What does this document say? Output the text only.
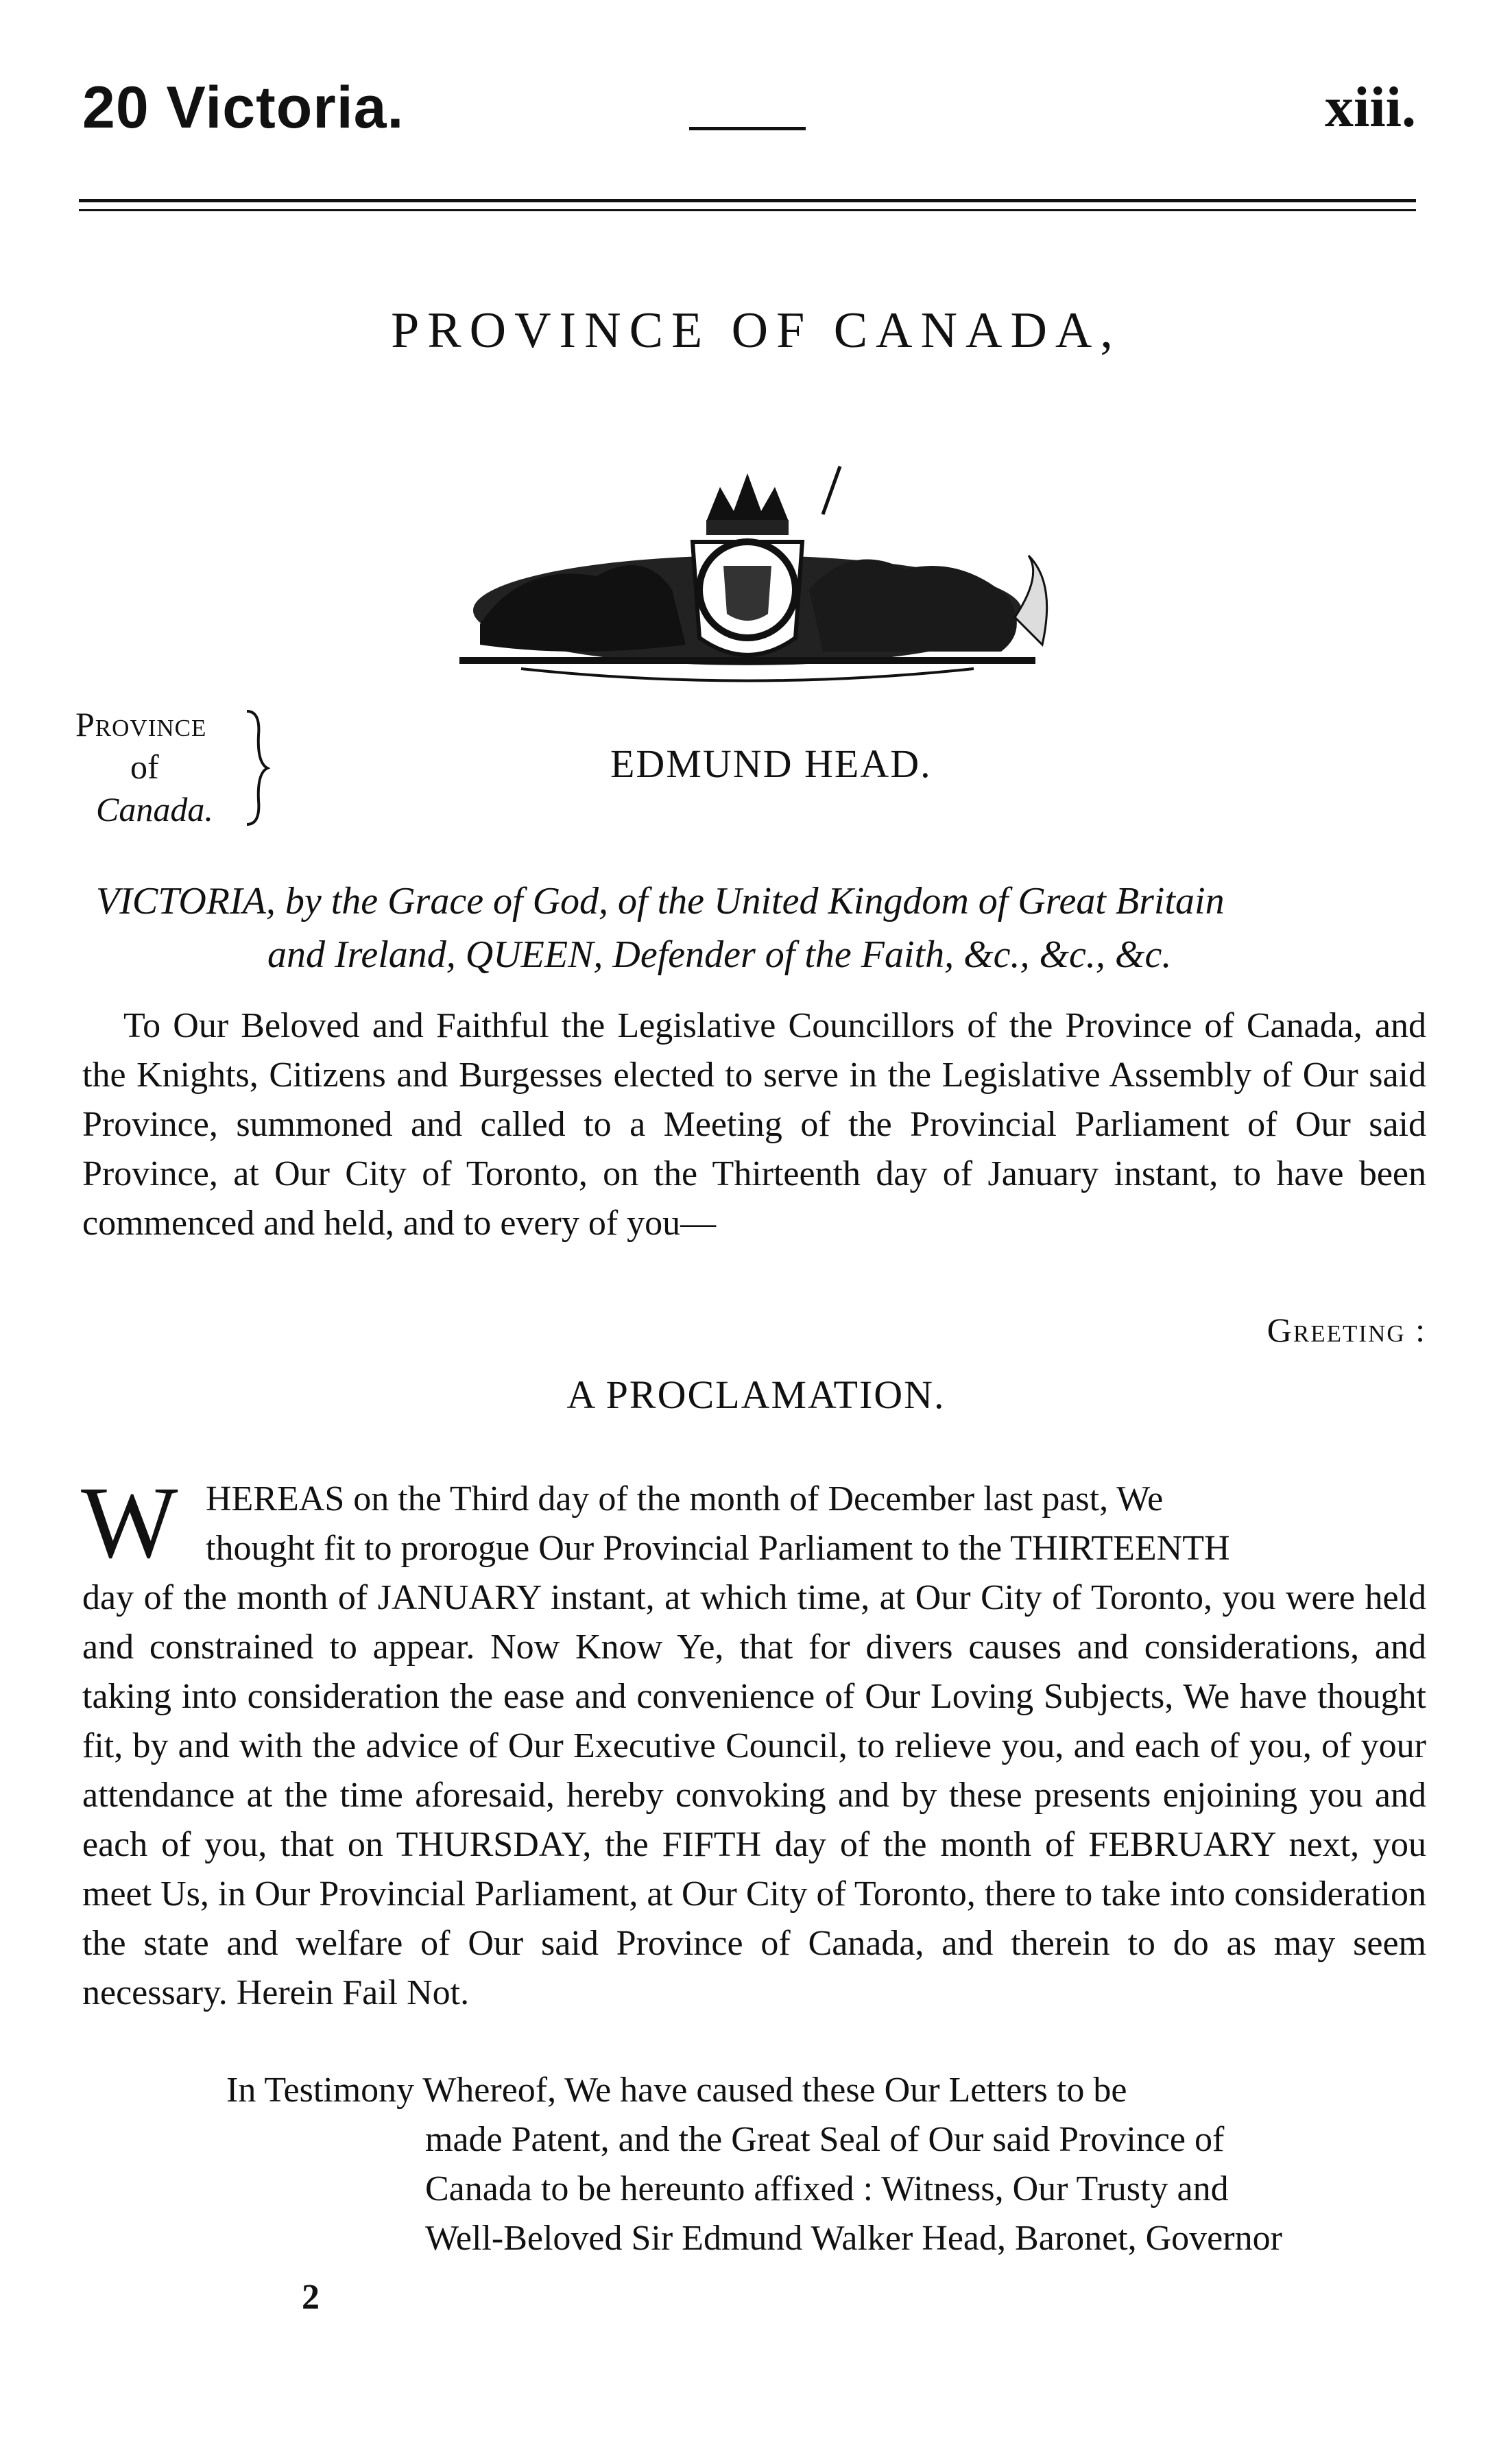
20 Victoria.	xiii.
PROVINCE OF CANADA,
Province
of
Canada.
EDMUND HEAD.
VICTORIA, by the Grace of God, of the United Kingdom of Great Britain
and Ireland, QUEEN, Defender of the Faith, &c., &c., &c.
To Our Beloved and Faithful the Legislative Councillors of the Province of Canada, and the Knights, Citizens and Burgesses elected to serve in the Legislative Assembly of Our said Province, summoned and called to a Meeting of the Provincial Parliament of Our said Province, at Our City of Toronto, on the Thirteenth day of January instant, to have been commenced and held, and to every of you—
Greeting :
A PROCLAMATION.
W HEREAS on the Third day of the month of December last past, We
thought fit to prorogue Our Provincial Parliament to the THIRTEENTH
day of the month of JANUARY instant, at which time, at Our City of Toronto, you were held and constrained to appear. Now Know Ye, that for divers causes and considerations, and taking into consideration the ease and convenience of Our Loving Subjects, We have thought fit, by and with the advice of Our Executive Council, to relieve you, and each of you, of your attendance at the time aforesaid, hereby convoking and by these presents enjoining you and each of you, that on THURSDAY, the FIFTH day of the month of FEBRUARY next, you meet Us, in Our Provincial Parliament, at Our City of Toronto, there to take into consideration the state and welfare of Our said Province of Canada, and therein to do as may seem necessary. Herein Fail Not.
In Testimony Whereof, We have caused these Our Letters to be
made Patent, and the Great Seal of Our said Province of
Canada to be hereunto affixed : Witness, Our Trusty and
Well-Beloved Sir Edmund Walker Head, Baronet, Governor
2
